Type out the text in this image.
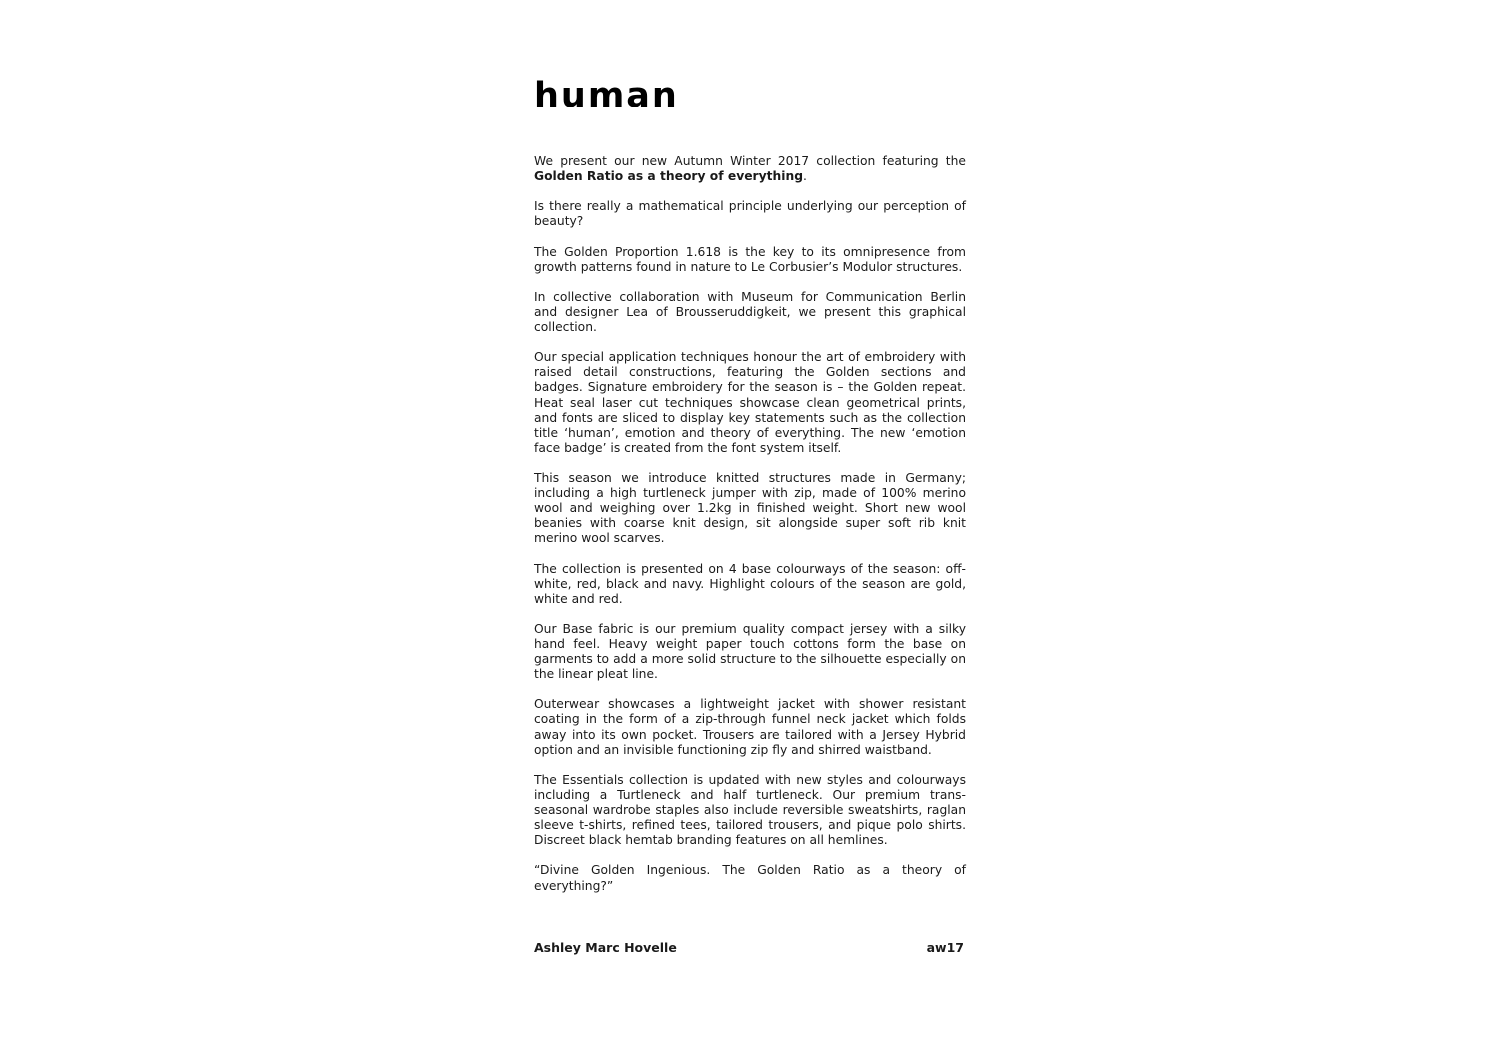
human

We present our new Autumn Winter 2017 collection featuring the Golden Ratio as a theory of everything.

Is there really a mathematical principle underlying our perception of beauty?

The Golden Proportion 1.618 is the key to its omnipresence from growth patterns found in nature to Le Corbusier’s Modulor structures.

In collective collaboration with Museum for Communication Berlin and designer Lea of Brousseruddigkeit, we present this graphical collection.

Our special application techniques honour the art of embroidery with raised detail constructions, featuring the Golden sections and badges. Signature embroidery for the season is – the Golden repeat. Heat seal laser cut techniques showcase clean geometrical prints, and fonts are sliced to display key statements such as the collection title ‘human’, emotion and theory of everything. The new ‘emotion face badge’ is created from the font system itself.

This season we introduce knitted structures made in Germany; including a high turtleneck jumper with zip, made of 100% merino wool and weighing over 1.2kg in finished weight. Short new wool beanies with coarse knit design, sit alongside super soft rib knit merino wool scarves.

The collection is presented on 4 base colourways of the season: off-white, red, black and navy. Highlight colours of the season are gold, white and red.

Our Base fabric is our premium quality compact jersey with a silky hand feel. Heavy weight paper touch cottons form the base on garments to add a more solid structure to the silhouette especially on the linear pleat line.

Outerwear showcases a lightweight jacket with shower resistant coating in the form of a zip-through funnel neck jacket which folds away into its own pocket. Trousers are tailored with a Jersey Hybrid option and an invisible functioning zip fly and shirred waistband.

The Essentials collection is updated with new styles and colourways including a Turtleneck and half turtleneck. Our premium trans-seasonal wardrobe staples also include reversible sweatshirts, raglan sleeve t-shirts, refined tees, tailored trousers, and pique polo shirts. Discreet black hemtab branding features on all hemlines.

“Divine Golden Ingenious. The Golden Ratio as a theory of everything?”

Ashley Marc Hovelle	aw17
